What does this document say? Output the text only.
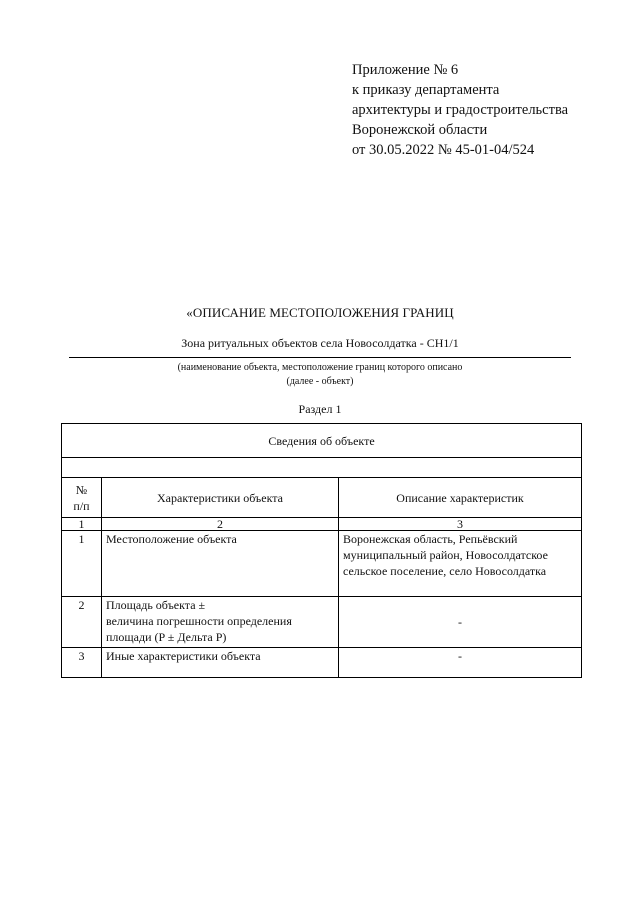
Приложение № 6
к приказу департамента
архитектуры и градостроительства
Воронежской области
от 30.05.2022 № 45-01-04/524
«ОПИСАНИЕ МЕСТОПОЛОЖЕНИЯ ГРАНИЦ
Зона ритуальных объектов села Новосолдатка - СН1/1
(наименование объекта, местоположение границ которого описано
(далее - объект)
Раздел 1
Сведения об объекте		

№
п/п	Характеристики объекта	Описание характеристик
1	2	3
1	Местоположение объекта	Воронежская область, Репьёвский
муниципальный район, Новосолдатское
сельское поселение, село Новосолдатка

2	Площадь объекта ±
величина погрешности определения
площади (P ± Дельта P)	-
3	Иные характеристики объекта	-
